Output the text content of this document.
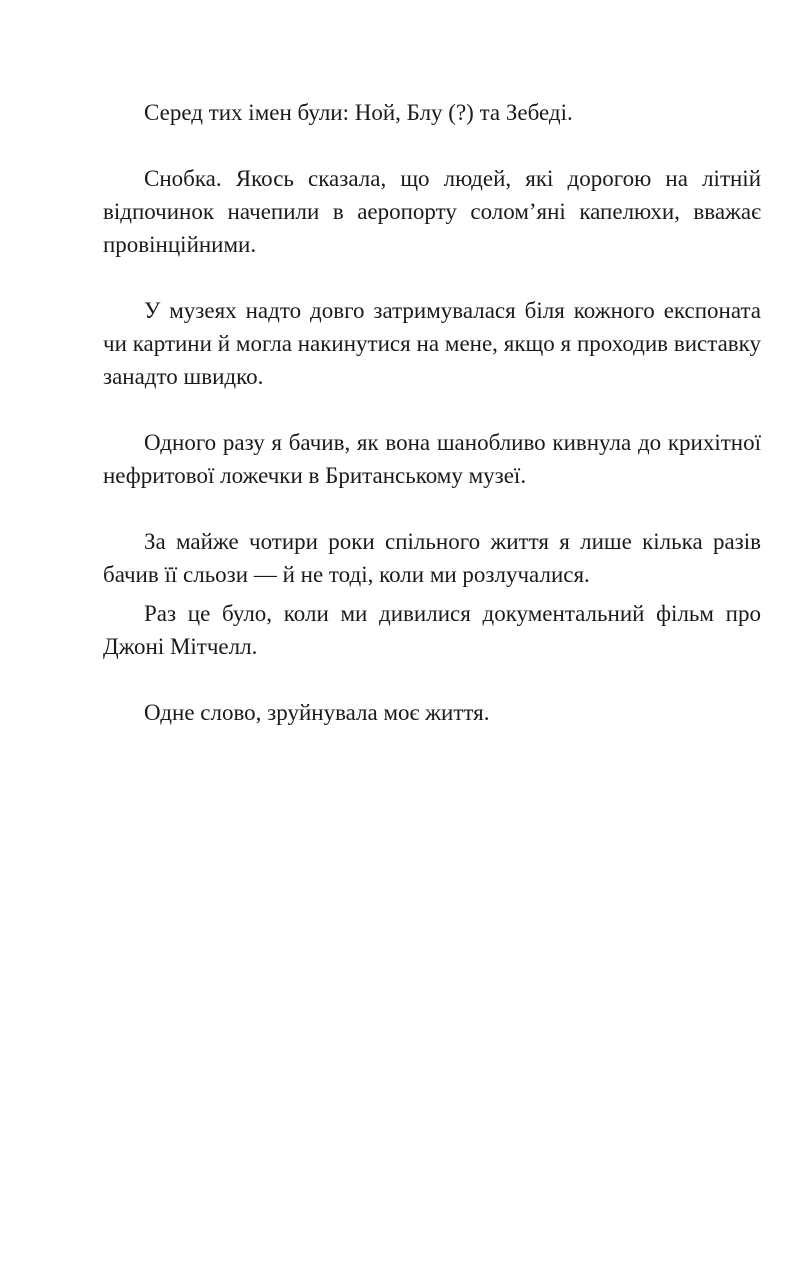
Серед тих імен були: Ной, Блу (?) та Зебеді.

Снобка. Якось сказала, що людей, які дорогою на літній відпочинок начепили в аеропорту солом’яні капелюхи, вважає провінційними.

У музеях надто довго затримувалася біля кожного експоната чи картини й могла накинутися на мене, якщо я проходив виставку занадто швидко.

Одного разу я бачив, як вона шанобливо кивнула до крихітної нефритової ложечки в Британському музеї.

За майже чотири роки спільного життя я лише кілька разів бачив її сльози — й не тоді, коли ми розлучалися.

Раз це було, коли ми дивилися документальний фільм про Джоні Мітчелл.

Одне слово, зруйнувала моє життя.
